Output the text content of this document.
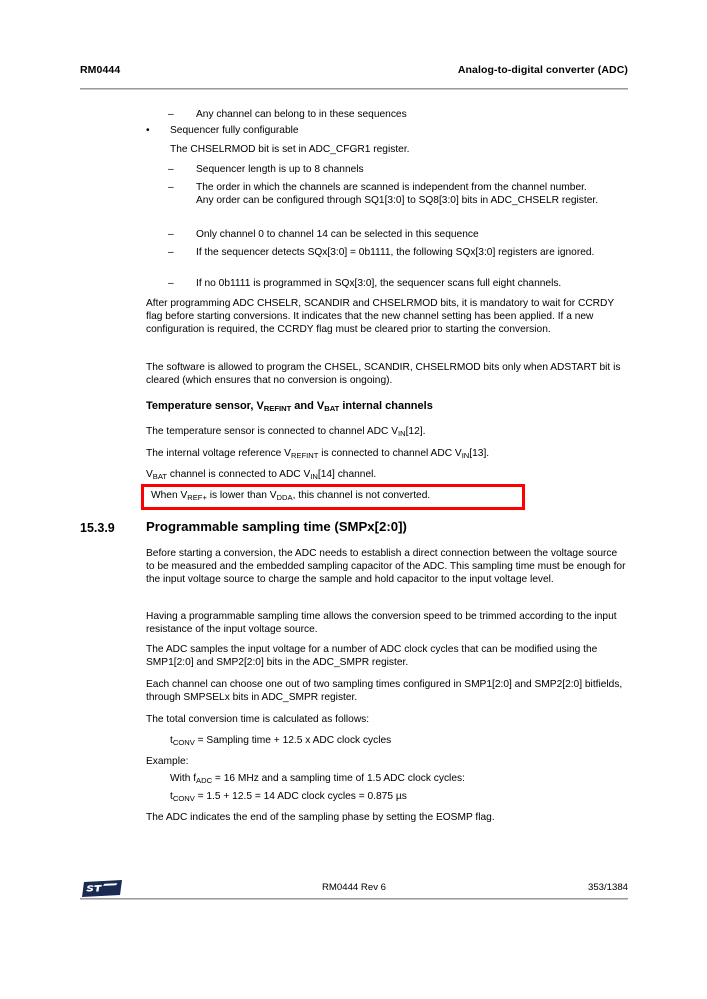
RM0444	Analog-to-digital converter (ADC)
– Any channel can belong to in these sequences
• Sequencer fully configurable
The CHSELRMOD bit is set in ADC_CFGR1 register.
– Sequencer length is up to 8 channels
– The order in which the channels are scanned is independent from the channel number. Any order can be configured through SQ1[3:0] to SQ8[3:0] bits in ADC_CHSELR register.
– Only channel 0 to channel 14 can be selected in this sequence
– If the sequencer detects SQx[3:0] = 0b1111, the following SQx[3:0] registers are ignored.
– If no 0b1111 is programmed in SQx[3:0], the sequencer scans full eight channels.
After programming ADC CHSELR, SCANDIR and CHSELRMOD bits, it is mandatory to wait for CCRDY flag before starting conversions. It indicates that the new channel setting has been applied. If a new configuration is required, the CCRDY flag must be cleared prior to starting the conversion.
The software is allowed to program the CHSEL, SCANDIR, CHSELRMOD bits only when ADSTART bit is cleared (which ensures that no conversion is ongoing).
Temperature sensor, $V_{REFINT}$ and $V_{BAT}$ internal channels
The temperature sensor is connected to channel ADC $V_{IN}[12]$.
The internal voltage reference $V_{REFINT}$ is connected to channel ADC $V_{IN}[13]$.
$V_{BAT}$ channel is connected to ADC $V_{IN}[14]$ channel.
When $V_{REF+}$ is lower than $V_{DDA}$, this channel is not converted.
15.3.9 Programmable sampling time (SMPx[2:0])
Before starting a conversion, the ADC needs to establish a direct connection between the voltage source to be measured and the embedded sampling capacitor of the ADC. This sampling time must be enough for the input voltage source to charge the sample and hold capacitor to the input voltage level.
Having a programmable sampling time allows the conversion speed to be trimmed according to the input resistance of the input voltage source.
The ADC samples the input voltage for a number of ADC clock cycles that can be modified using the SMP1[2:0] and SMP2[2:0] bits in the ADC_SMPR register.
Each channel can choose one out of two sampling times configured in SMP1[2:0] and SMP2[2:0] bitfields, through SMPSELx bits in ADC_SMPR register.
The total conversion time is calculated as follows:
$t_{CONV}$ = Sampling time + 12.5 x ADC clock cycles
Example:
With $f_{ADC} = 16$ MHz and a sampling time of 1.5 ADC clock cycles:
$t_{CONV} = 1.5 + 12.5 = 14$ ADC clock cycles = 0.875 µs
The ADC indicates the end of the sampling phase by setting the EOSMP flag.
RM0444 Rev 6	353/1384
